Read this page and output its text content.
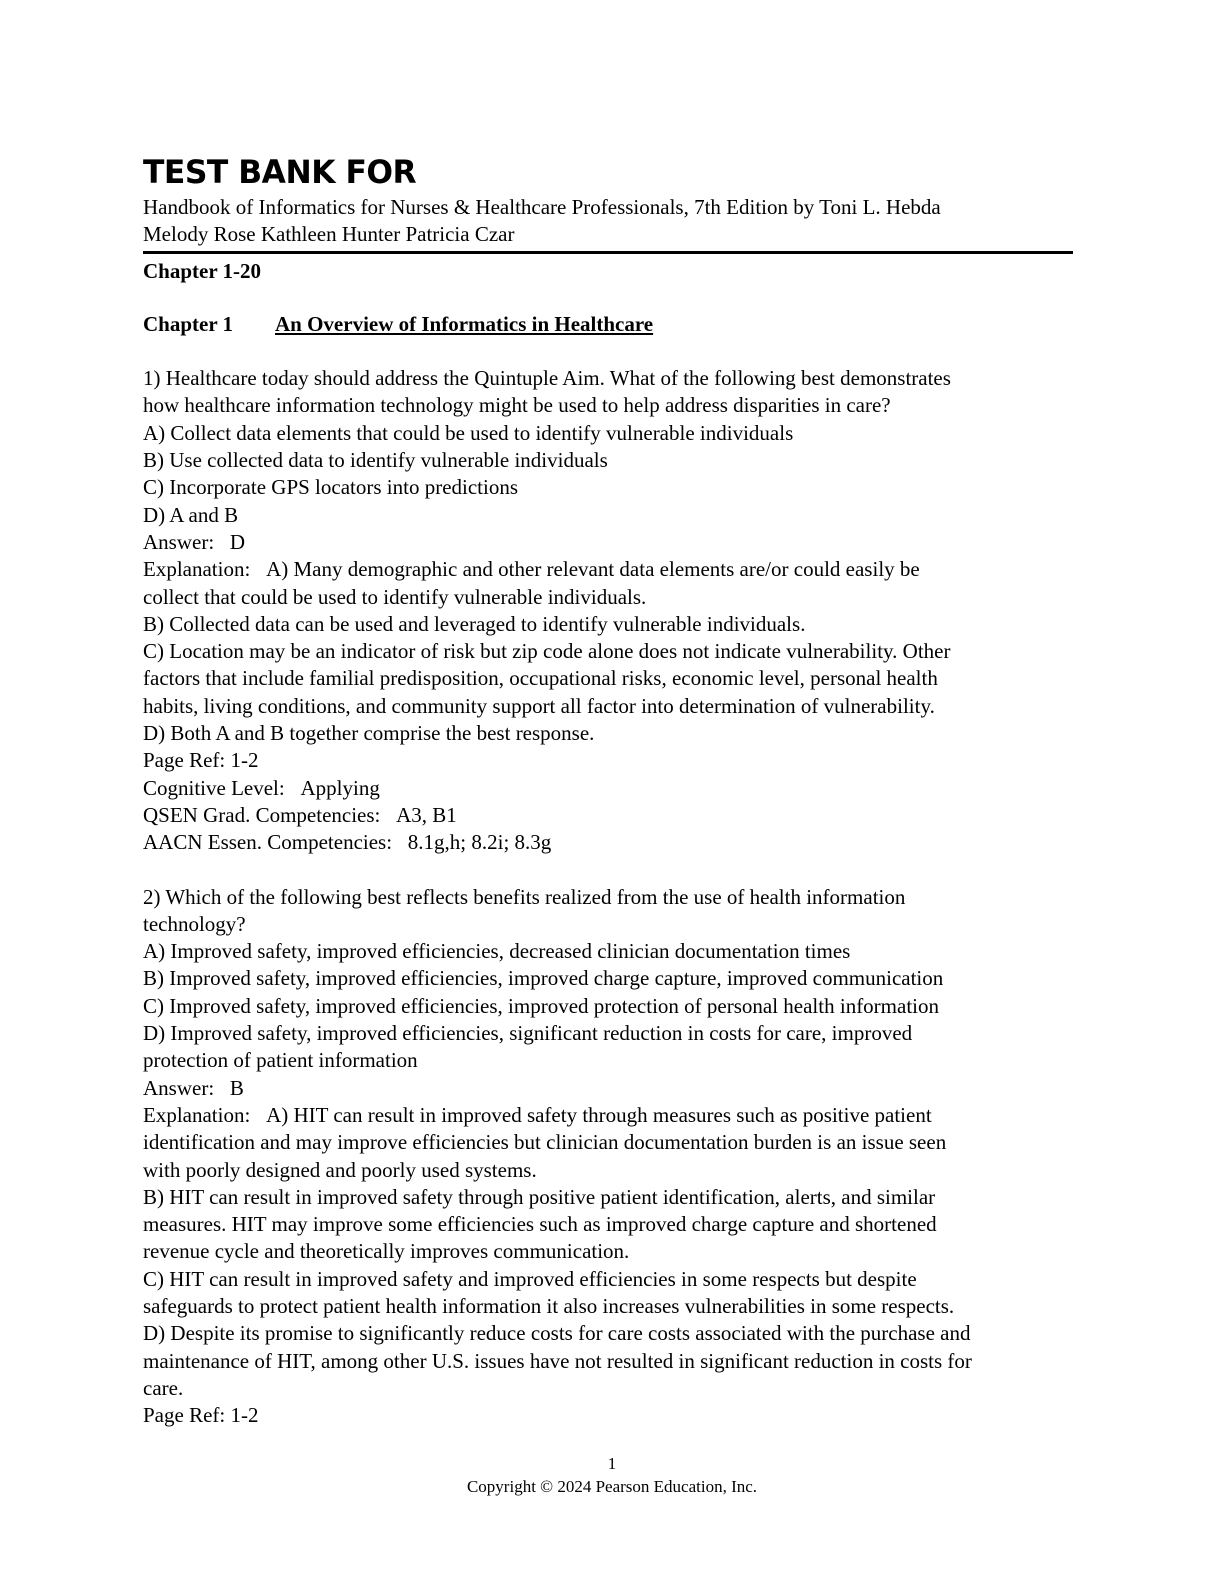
TEST BANK FOR

Handbook of Informatics for Nurses & Healthcare Professionals, 7th Edition by Toni L. Hebda

Melody Rose Kathleen Hunter Patricia Czar

Chapter 1-20

Chapter 1 An Overview of Informatics in Healthcare

1) Healthcare today should address the Quintuple Aim. What of the following best demonstrates

how healthcare information technology might be used to help address disparities in care?

A) Collect data elements that could be used to identify vulnerable individuals

B) Use collected data to identify vulnerable individuals

C) Incorporate GPS locators into predictions

D) A and B

Answer: D

Explanation: A) Many demographic and other relevant data elements are/or could easily be

collect that could be used to identify vulnerable individuals.

B) Collected data can be used and leveraged to identify vulnerable individuals.

C) Location may be an indicator of risk but zip code alone does not indicate vulnerability. Other

factors that include familial predisposition, occupational risks, economic level, personal health

habits, living conditions, and community support all factor into determination of vulnerability.

D) Both A and B together comprise the best response.

Page Ref: 1-2

Cognitive Level: Applying

QSEN Grad. Competencies: A3, B1

AACN Essen. Competencies: 8.1g,h; 8.2i; 8.3g

2) Which of the following best reflects benefits realized from the use of health information

technology?

A) Improved safety, improved efficiencies, decreased clinician documentation times

B) Improved safety, improved efficiencies, improved charge capture, improved communication

C) Improved safety, improved efficiencies, improved protection of personal health information

D) Improved safety, improved efficiencies, significant reduction in costs for care, improved

protection of patient information

Answer: B

Explanation: A) HIT can result in improved safety through measures such as positive patient

identification and may improve efficiencies but clinician documentation burden is an issue seen

with poorly designed and poorly used systems.

B) HIT can result in improved safety through positive patient identification, alerts, and similar

measures. HIT may improve some efficiencies such as improved charge capture and shortened

revenue cycle and theoretically improves communication.

C) HIT can result in improved safety and improved efficiencies in some respects but despite

safeguards to protect patient health information it also increases vulnerabilities in some respects.

D) Despite its promise to significantly reduce costs for care costs associated with the purchase and

maintenance of HIT, among other U.S. issues have not resulted in significant reduction in costs for

care.

Page Ref: 1-2

1
Copyright © 2024 Pearson Education, Inc.
